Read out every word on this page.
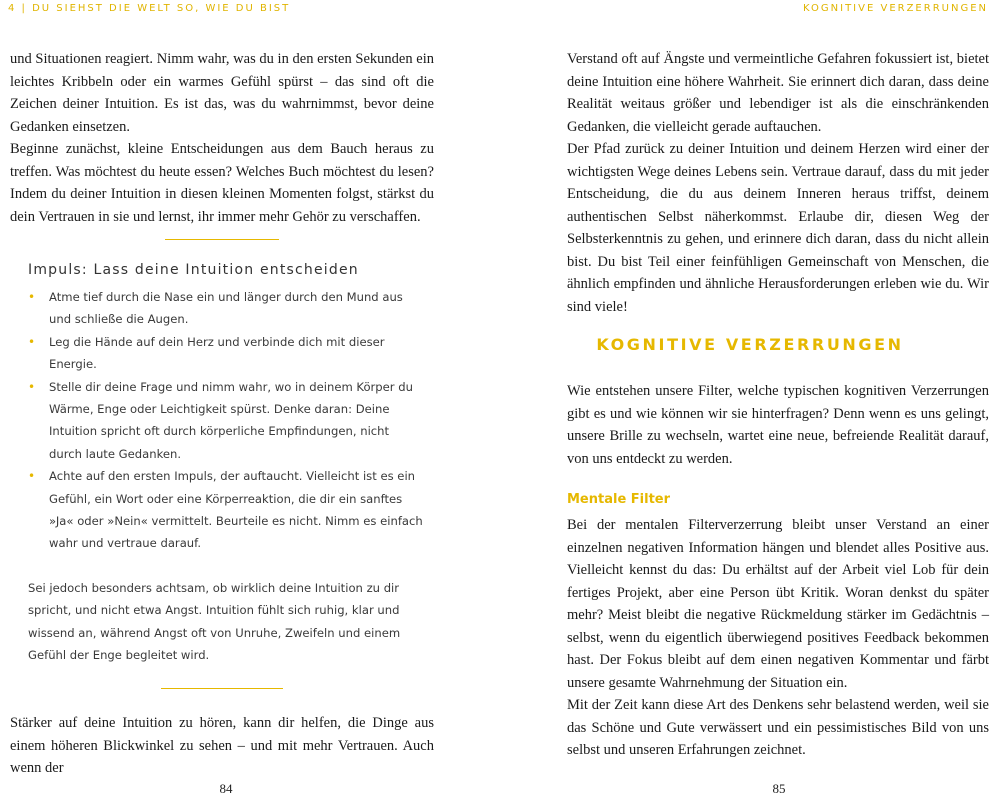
4 | DU SIEHST DIE WELT SO, WIE DU BIST

und Situationen reagiert. Nimm wahr, was du in den ersten Sekunden ein leichtes Kribbeln oder ein warmes Gefühl spürst – das sind oft die Zeichen deiner Intuition. Es ist das, was du wahrnimmst, bevor deine Gedanken einsetzen.

Beginne zunächst, kleine Entscheidungen aus dem Bauch heraus zu treffen. Was möchtest du heute essen? Welches Buch möchtest du lesen? Indem du deiner Intuition in diesen kleinen Momenten folgst, stärkst du dein Vertrauen in sie und lernst, ihr immer mehr Gehör zu verschaffen.

Impuls: Lass deine Intuition entscheiden
• Atme tief durch die Nase ein und länger durch den Mund aus und schließe die Augen.
• Leg die Hände auf dein Herz und verbinde dich mit dieser Energie.
• Stelle dir deine Frage und nimm wahr, wo in deinem Körper du Wärme, Enge oder Leichtigkeit spürst. Denke daran: Deine Intuition spricht oft durch körperliche Empfindungen, nicht durch laute Gedanken.
• Achte auf den ersten Impuls, der auftaucht. Vielleicht ist es ein Gefühl, ein Wort oder eine Körperreaktion, die dir ein sanftes »Ja« oder »Nein« vermittelt. Beurteile es nicht. Nimm es einfach wahr und vertraue darauf.

Sei jedoch besonders achtsam, ob wirklich deine Intuition zu dir spricht, und nicht etwa Angst. Intuition fühlt sich ruhig, klar und wissend an, während Angst oft von Unruhe, Zweifeln und einem Gefühl der Enge begleitet wird.

Stärker auf deine Intuition zu hören, kann dir helfen, die Dinge aus einem höheren Blickwinkel zu sehen – und mit mehr Vertrauen. Auch wenn der

84
KOGNITIVE VERZERRUNGEN

Verstand oft auf Ängste und vermeintliche Gefahren fokussiert ist, bietet deine Intuition eine höhere Wahrheit. Sie erinnert dich daran, dass deine Realität weitaus größer und lebendiger ist als die einschränkenden Gedanken, die vielleicht gerade auftauchen.

Der Pfad zurück zu deiner Intuition und deinem Herzen wird einer der wichtigsten Wege deines Lebens sein. Vertraue darauf, dass du mit jeder Entscheidung, die du aus deinem Inneren heraus triffst, deinem authentischen Selbst näherkommst. Erlaube dir, diesen Weg der Selbsterkenntnis zu gehen, und erinnere dich daran, dass du nicht allein bist. Du bist Teil einer feinfühligen Gemeinschaft von Menschen, die ähnlich empfinden und ähnliche Herausforderungen erleben wie du. Wir sind viele!

Wie entstehen unsere Filter, welche typischen kognitiven Verzerrungen gibt es und wie können wir sie hinterfragen? Denn wenn es uns gelingt, unsere Brille zu wechseln, wartet eine neue, befreiende Realität darauf, von uns entdeckt zu werden.

Bei der mentalen Filterverzerrung bleibt unser Verstand an einer einzelnen negativen Information hängen und blendet alles Positive aus. Vielleicht kennst du das: Du erhältst auf der Arbeit viel Lob für dein fertiges Projekt, aber eine Person übt Kritik. Woran denkst du später mehr? Meist bleibt die negative Rückmeldung stärker im Gedächtnis – selbst, wenn du eigentlich überwiegend positives Feedback bekommen hast. Der Fokus bleibt auf dem einen negativen Kommentar und färbt unsere gesamte Wahrnehmung der Situation ein.

Mit der Zeit kann diese Art des Denkens sehr belastend werden, weil sie das Schöne und Gute verwässert und ein pessimistisches Bild von uns selbst und unseren Erfahrungen zeichnet.

85
KOGNITIVE VERZERRUNGEN
Mentale Filter
